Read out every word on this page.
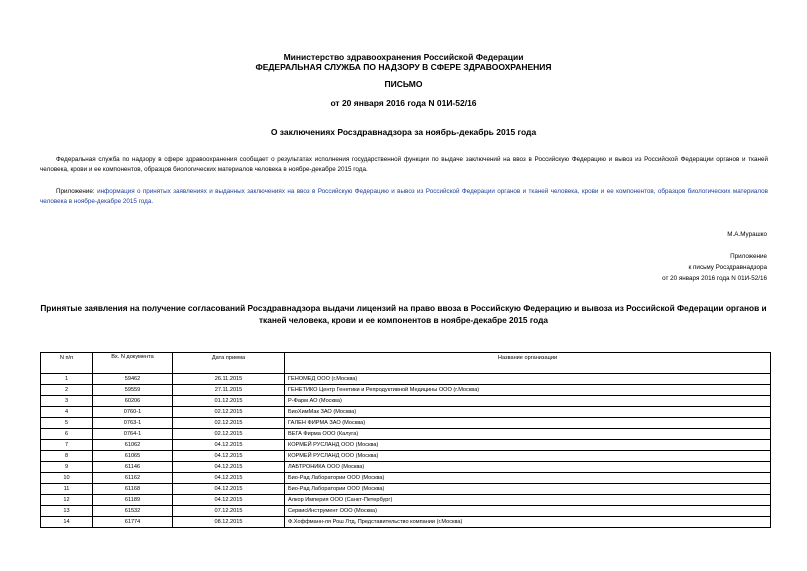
Министерство здравоохранения Российской Федерации
ФЕДЕРАЛЬНАЯ СЛУЖБА ПО НАДЗОРУ В СФЕРЕ ЗДРАВООХРАНЕНИЯ
ПИСЬМО
от 20 января 2016 года N 01И-52/16
О заключениях Росздравнадзора за ноябрь-декабрь 2015 года
Федеральная служба по надзору в сфере здравоохранения сообщает о результатах исполнения государственной функции по выдаче заключений на ввоз в Российскую Федерацию и вывоз из Российской Федерации органов и тканей человека, крови и ее компонентов, образцов биологических материалов человека в ноябре-декабре 2015 года.
Приложение: информация о принятых заявлениях и выданных заключениях на ввоз в Российскую Федерацию и вывоз из Российской Федерации органов и тканей человека, крови и ее компонентов, образцов биологических материалов человека в ноябре-декабре 2015 года.
М.А.Мурашко
Приложение
к письму Росздравнадзора
от 20 января 2016 года N 01И-52/16
Принятые заявления на получение согласований Росздравнадзора выдачи лицензий на право ввоза в Российскую Федерацию и вывоза из Российской Федерации органов и тканей человека, крови и ее компонентов в ноябре-декабре 2015 года
N п/п	Вх. N документа	Дата приема	Название организации
1	59462	26.11.2015	ГЕНОМЕД ООО (г.Москва)
2	59559	27.11.2015	ГЕНЕТИКО Центр Генетики и Репродуктивной Медицины ООО (г.Москва)
3	60206	01.12.2015	Р-Фарм АО (Москва)
4	0760-1	02.12.2015	БиоХимМак ЗАО (Москва)
5	0763-1	02.12.2015	ГАЛЕН ФИРМА ЗАО (Москва)
6	0764-1	02.12.2015	ВЕГА Фирма ООО (Калуга)
7	61062	04.12.2015	КОРМЕЙ РУСЛАНД ООО (Москва)
8	61065	04.12.2015	КОРМЕЙ РУСЛАНД ООО (Москва)
9	61146	04.12.2015	ЛАБТРОНИКА ООО (Москва)
10	61162	04.12.2015	Био-Рад Лаборатории ООО (Москва)
11	61168	04.12.2015	Био-Рад Лаборатории ООО (Москва)
12	61189	04.12.2015	Алкор Империя ООО (Санкт-Петербург)
13	61532	07.12.2015	СервисИнструмент ООО (Москва)
14	61774	08.12.2015	Ф.Хоффманн-ля Рош Лтд, Представительство компании (г.Москва)
